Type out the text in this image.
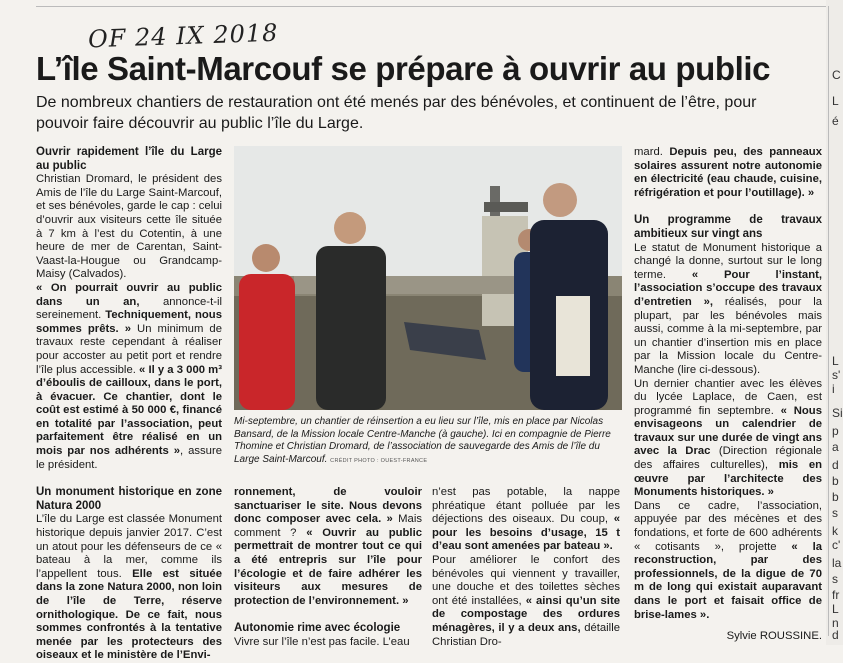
OF 24 IX 2018
L’île Saint-Marcouf se prépare à ouvrir au public

De nombreux chantiers de restauration ont été menés par des bénévoles, et continuent de l’être, pour pouvoir faire découvrir au public l’île du Large.

Ouvrir rapidement l’île du Large au public

Christian Dromard, le président des Amis de l’île du Large Saint-Marcouf, et ses bénévoles, garde le cap : celui d’ouvrir aux visiteurs cette île située à 7 km à l’est du Cotentin, à une heure de mer de Carentan, Saint-Vaast-la-Hougue ou Grandcamp-Maisy (Calvados).

« On pourrait ouvrir au public dans un an, annonce-t-il sereinement. Techniquement, nous sommes prêts. » Un minimum de travaux reste cependant à réaliser pour accoster au petit port et rendre l’île plus accessible. « Il y a 3 000 m³ d’éboulis de cailloux, dans le port, à évacuer. Ce chantier, dont le coût est estimé à 50 000 €, financé en totalité par l’association, peut parfaitement être réalisé en un mois par nos adhérents », assure le président.

Un monument historique en zone Natura 2000

L’île du Large est classée Monument historique depuis janvier 2017. C’est un atout pour les défenseurs de ce « bateau à la mer, comme ils l’appellent tous. Elle est située dans la zone Natura 2000, non loin de l’île de Terre, réserve ornithologique. De ce fait, nous sommes confrontés à la tentative menée par les protecteurs des oiseaux et le ministère de l’Envi-

Mi-septembre, un chantier de réinsertion a eu lieu sur l’île, mis en place par Nicolas Bansard, de la Mission locale Centre-Manche (à gauche). Ici en compagnie de Pierre Thomine et Christian Dromard, de l’association de sauvegarde des Amis de l’île du Large Saint-Marcouf. CRÉDIT PHOTO : OUEST-FRANCE

ronnement, de vouloir sanctuariser le site. Nous devons donc composer avec cela. » Mais comment ? « Ouvrir au public permettrait de montrer tout ce qui a été entrepris sur l’île pour l’écologie et de faire adhérer les visiteurs aux mesures de protection de l’environnement. »

Autonomie rime avec écologie

Vivre sur l’île n’est pas facile. L’eau

n’est pas potable, la nappe phréatique étant polluée par les déjections des oiseaux. Du coup, « pour les besoins d’usage, 15 t d’eau sont amenées par bateau ».

Pour améliorer le confort des bénévoles qui viennent y travailler, une douche et des toilettes sèches ont été installées, « ainsi qu’un site de compostage des ordures ménagères, il y a deux ans, détaille Christian Dro-

mard. Depuis peu, des panneaux solaires assurent notre autonomie en électricité (eau chaude, cuisine, réfrigération et pour l’outillage). »

Un programme de travaux ambitieux sur vingt ans

Le statut de Monument historique a changé la donne, surtout sur le long terme. « Pour l’instant, l’association s’occupe des travaux d’entretien », réalisés, pour la plupart, par les bénévoles mais aussi, comme à la mi-septembre, par un chantier d’insertion mis en place par la Mission locale du Centre-Manche (lire ci-dessous).

Un dernier chantier avec les élèves du lycée Laplace, de Caen, est programmé fin septembre. « Nous envisageons un calendrier de travaux sur une durée de vingt ans avec la Drac (Direction régionale des affaires culturelles), mis en œuvre par l’architecte des Monuments historiques. »

Dans ce cadre, l’association, appuyée par des mécènes et des fondations, et forte de 600 adhérents « cotisants », projette « la reconstruction, par des professionnels, de la digue de 70 m de long qui existait auparavant dans le port et faisait office de brise-lames ».

Sylvie ROUSSINE.

C
L
é
L
s'
i
Si
p
a
d
b
b
s
k
c'
la
s
fr
L
n
d
